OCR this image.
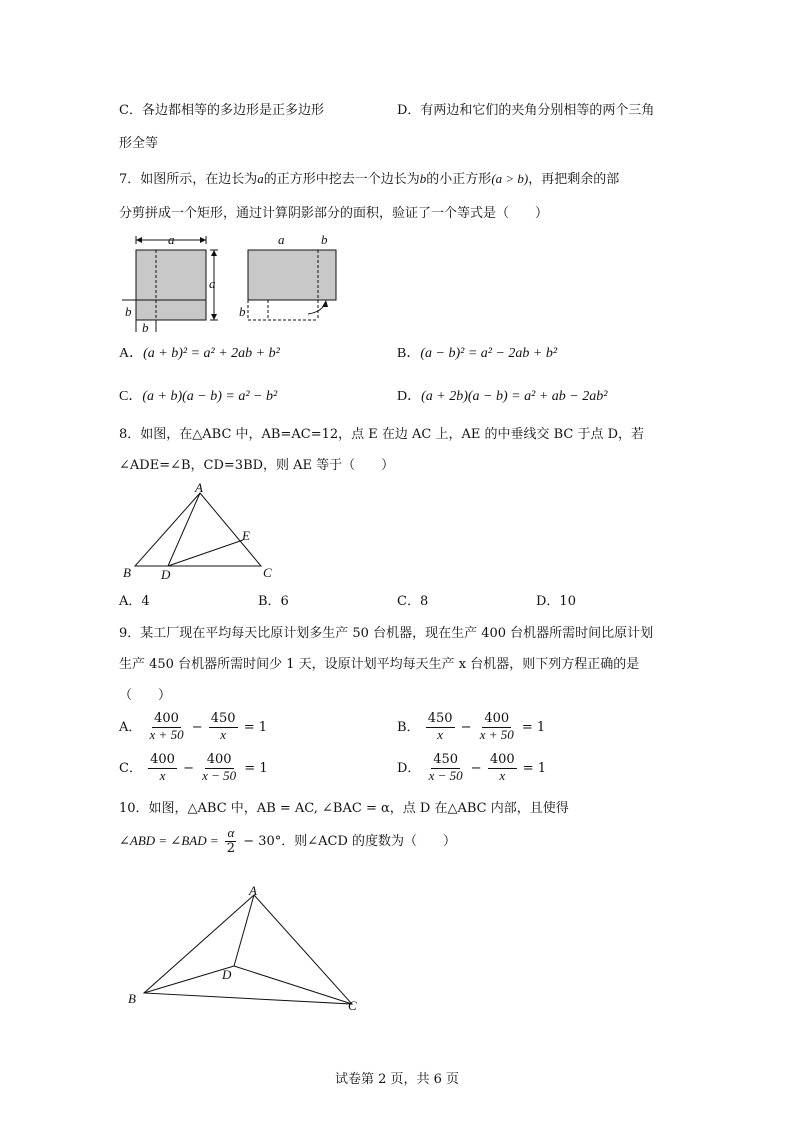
C．各边都相等的多边形是正多边形	D．有两边和它们的夹角分别相等的两个三角
形全等
7．如图所示，在边长为a的正方形中挖去一个边长为b的小正方形(a > b)，再把剩余的部
分剪拼成一个矩形，通过计算阴影部分的面积，验证了一个等式是（　　）
a
a
b
b
a	b
b
A．(a + b)² = a² + 2ab + b²	B．(a − b)² = a² − 2ab + b²
C．(a + b)(a − b) = a² − b²	D．(a + 2b)(a − b) = a² + ab − 2ab²
8．如图，在△ABC 中，AB=AC=12，点 E 在边 AC 上，AE 的中垂线交 BC 于点 D，若
∠ADE=∠B，CD=3BD，则 AE 等于（　　）
A
B D
E
C
A．4	B．6	C．8	D．10
9．某工厂现在平均每天比原计划多生产 50 台机器，现在生产 400 台机器所需时间比原计划
生产 450 台机器所需时间少 1 天，设原计划平均每天生产 x 台机器，则下列方程正确的是
（　　）
A． $\frac{400}{x + 50} - \frac{450}{x} = 1$	B． $\frac{450}{x} - \frac{400}{x + 50} = 1$
C． $\frac{400}{x} - \frac{400}{x - 50} = 1$	D． $\frac{450}{x - 50} - \frac{400}{x} = 1$
10．如图，△ABC 中，AB = AC, ∠BAC = α，点 D 在△ABC 内部，且使得
∠ABD = ∠BAD = $\frac{\alpha}{2} - 30^\circ$．则∠ACD 的度数为（　　）
A
D
B	C
试卷第 2 页，共 6 页
